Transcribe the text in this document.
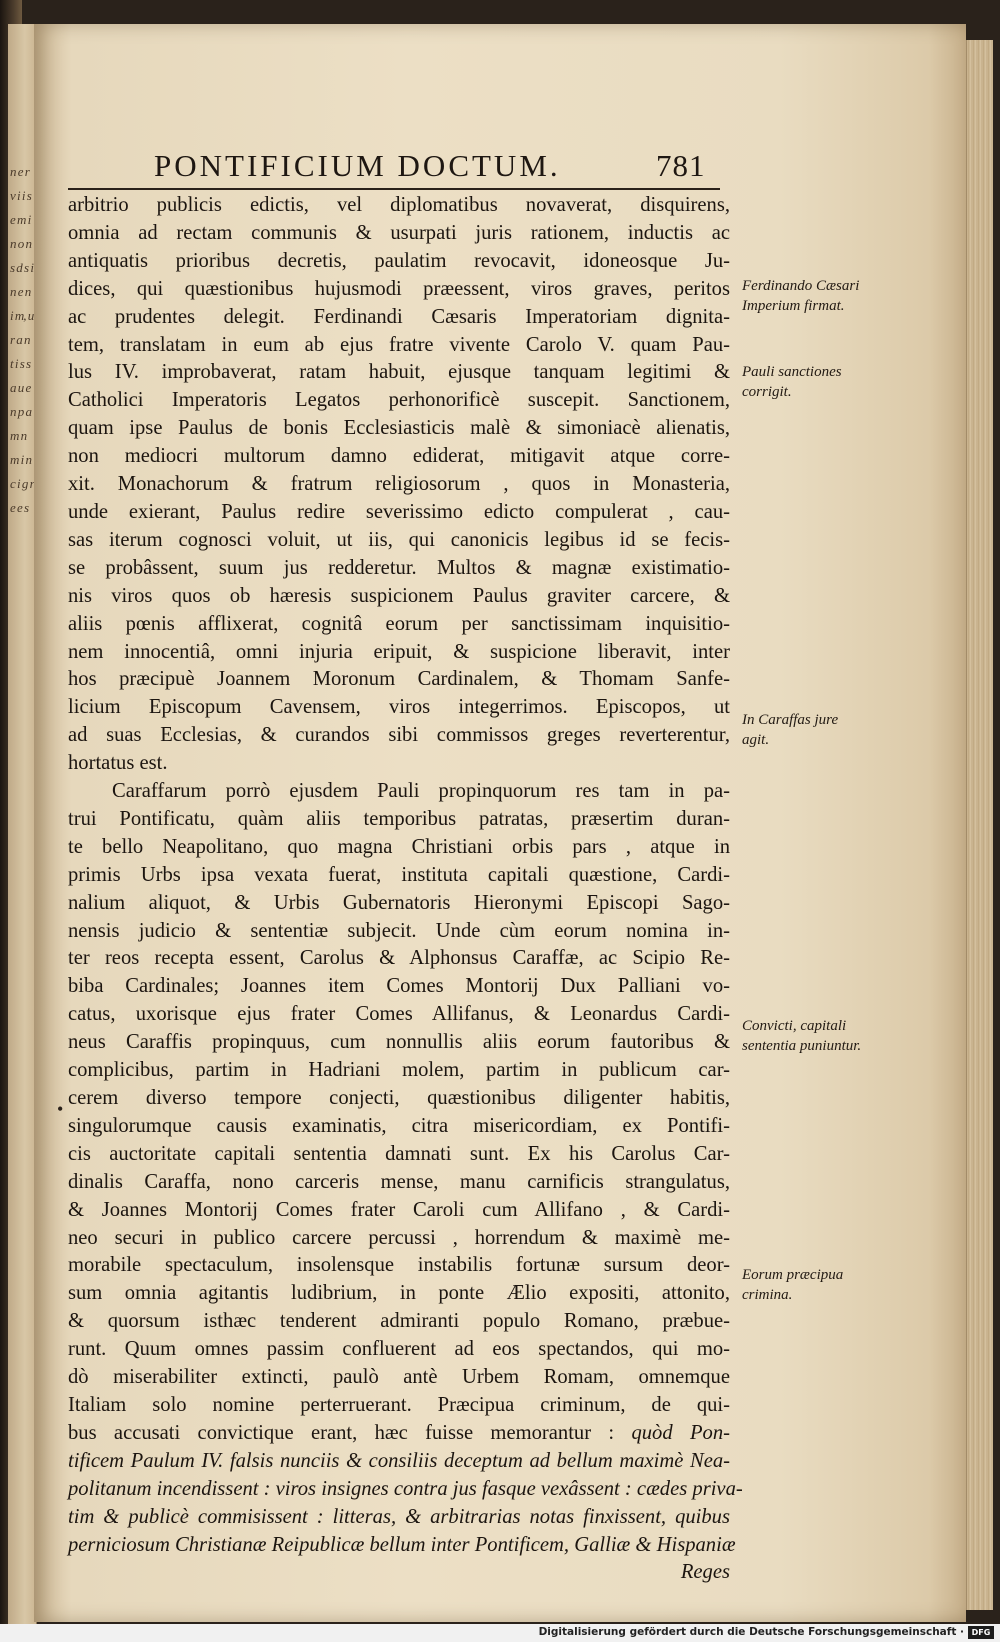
n e r v i i s e m i n o n s d s i n e n i m, u r a n t i s s a u e n p a m n m i n c i g r e e s
PONTIFICIUM DOCTUM.	781
arbitrio publicis edictis, vel diplomatibus novaverat, disquirens,
omnia ad rectam communis & usurpati juris rationem, inductis ac
antiquatis prioribus decretis, paulatim revocavit, idoneosque Ju-
dices, qui quæstionibus hujusmodi præessent, viros graves, peritos
ac prudentes delegit. Ferdinandi Cæsaris Imperatoriam dignita-
tem, translatam in eum ab ejus fratre vivente Carolo V. quam Pau-
lus IV. improbaverat, ratam habuit, ejusque tanquam legitimi &
Catholici Imperatoris Legatos perhonorificè suscepit. Sanctionem,
quam ipse Paulus de bonis Ecclesiasticis malè & simoniacè alienatis,
non mediocri multorum damno ediderat, mitigavit atque corre-
xit. Monachorum & fratrum religiosorum , quos in Monasteria,
unde exierant, Paulus redire severissimo edicto compulerat , cau-
sas iterum cognosci voluit, ut iis, qui canonicis legibus id se fecis-
se probâssent, suum jus redderetur. Multos & magnæ existimatio-
nis viros quos ob hæresis suspicionem Paulus graviter carcere, &
aliis pœnis afflixerat, cognitâ eorum per sanctissimam inquisitio-
nem innocentiâ, omni injuria eripuit, & suspicione liberavit, inter
hos præcipuè Joannem Moronum Cardinalem, & Thomam Sanfe-
licium Episcopum Cavensem, viros integerrimos. Episcopos, ut
ad suas Ecclesias, & curandos sibi commissos greges reverterentur,
hortatus est.
Caraffarum porrò ejusdem Pauli propinquorum res tam in pa-
trui Pontificatu, quàm aliis temporibus patratas, præsertim duran-
te bello Neapolitano, quo magna Christiani orbis pars , atque in
primis Urbs ipsa vexata fuerat, instituta capitali quæstione, Cardi-
nalium aliquot, & Urbis Gubernatoris Hieronymi Episcopi Sago-
nensis judicio & sententiæ subjecit. Unde cùm eorum nomina in-
ter reos recepta essent, Carolus & Alphonsus Caraffæ, ac Scipio Re-
biba Cardinales; Joannes item Comes Montorij Dux Palliani vo-
catus, uxorisque ejus frater Comes Allifanus, & Leonardus Cardi-
neus Caraffis propinquus, cum nonnullis aliis eorum fautoribus &
complicibus, partim in Hadriani molem, partim in publicum car-
cerem diverso tempore conjecti, quæstionibus diligenter habitis,
singulorumque causis examinatis, citra misericordiam, ex Pontifi-
cis auctoritate capitali sententia damnati sunt. Ex his Carolus Car-
dinalis Caraffa, nono carceris mense, manu carnificis strangulatus,
& Joannes Montorij Comes frater Caroli cum Allifano , & Cardi-
neo securi in publico carcere percussi , horrendum & maximè me-
morabile spectaculum, insolensque instabilis fortunæ sursum deor-
sum omnia agitantis ludibrium, in ponte Ælio expositi, attonito,
& quorsum isthæc tenderent admiranti populo Romano, præbue-
runt. Quum omnes passim confluerent ad eos spectandos, qui mo-
dò miserabiliter extincti, paulò antè Urbem Romam, omnemque
Italiam solo nomine perterruerant. Præcipua criminum, de qui-
bus accusati convictique erant, hæc fuisse memorantur : quòd Pon-
tificem Paulum IV. falsis nunciis & consiliis deceptum ad bellum maximè Nea-
politanum incendissent : viros insignes contra jus fasque vexâssent : cædes priva-
tim & publicè commisissent : litteras, & arbitrarias notas finxissent, quibus
perniciosum Christianæ Reipublicæ bellum inter Pontificem, Galliæ & Hispaniæ
Reges
Ferdinando Cæsari Imperium firmat.
Pauli sanctiones corrigit.
In Caraffas jure agit.
Convicti, capitali sententia puniuntur.
Eorum præcipua crimina.
•
Digitalisierung gefördert durch die Deutsche Forschungsgemeinschaft · DFG
